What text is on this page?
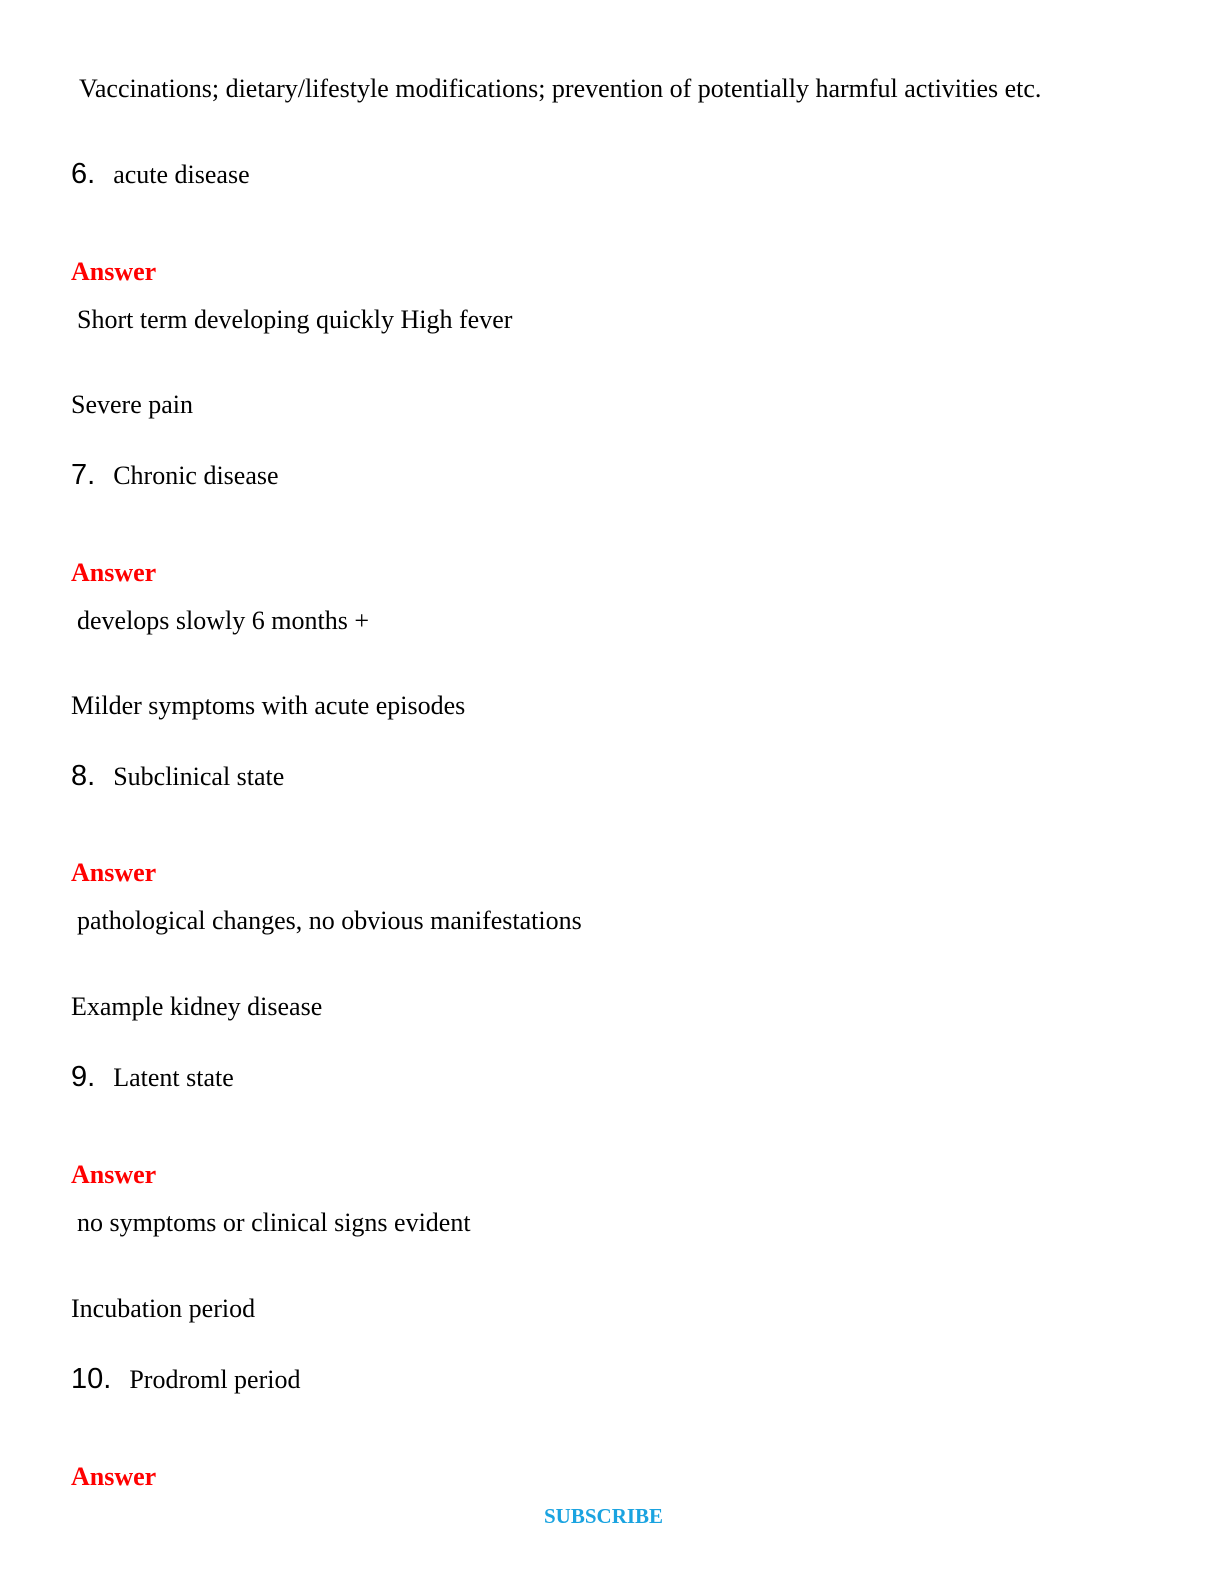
Vaccinations; dietary/lifestyle modifications; prevention of potentially harmful activities etc.
6. acute disease
Answer
Short term developing quickly High fever
Severe pain
7. Chronic disease
Answer
develops slowly 6 months +
Milder symptoms with acute episodes
8. Subclinical state
Answer
pathological changes, no obvious manifestations
Example kidney disease
9. Latent state
Answer
no symptoms or clinical signs evident
Incubation period
10. Prodroml period
Answer
SUBSCRIBE
